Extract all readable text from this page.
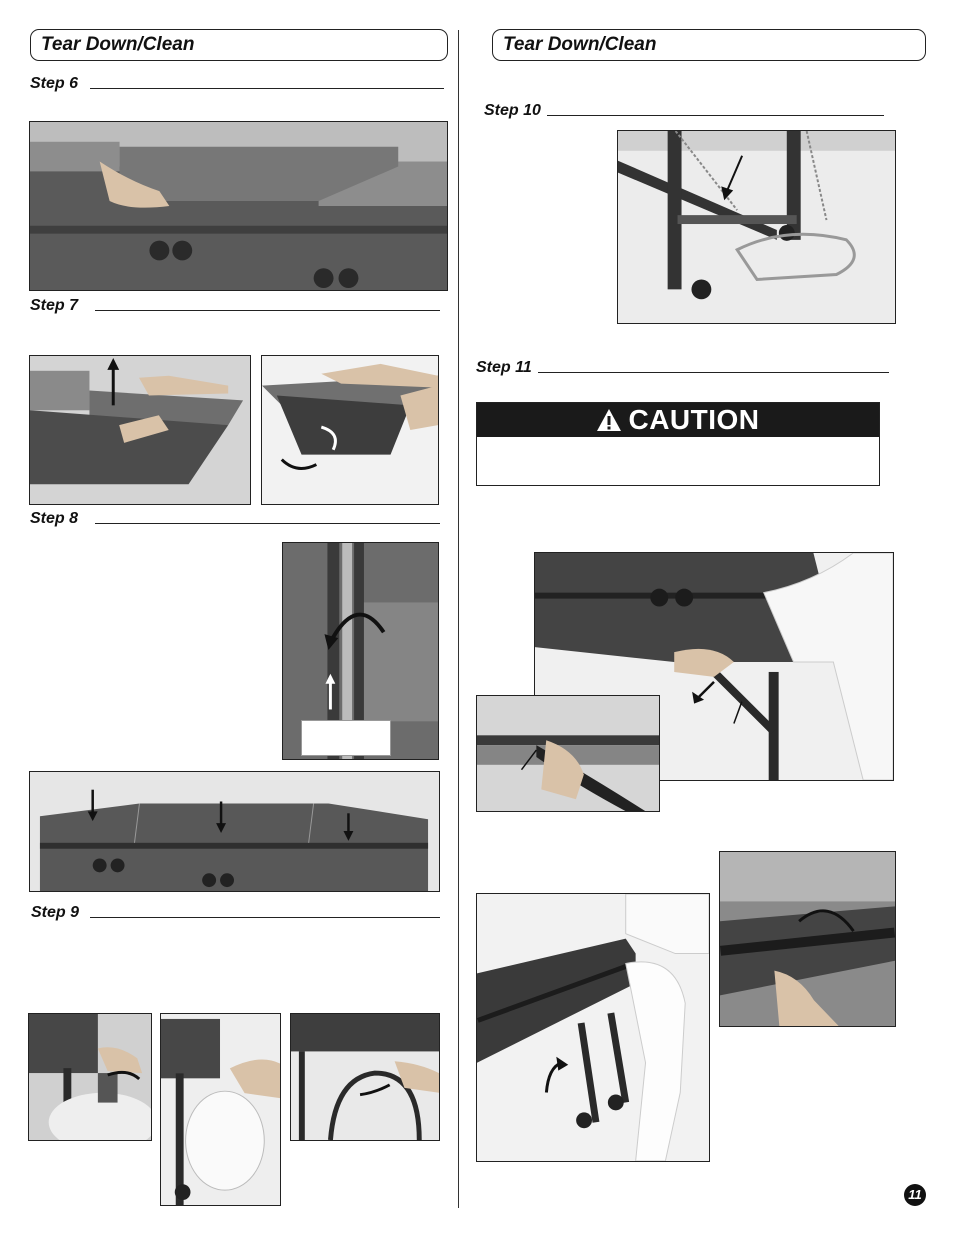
Tear Down/Clean
Step 6
Step 7
Step 8
Step 9
Tear Down/Clean
Step 10
Step 11
CAUTION
11
